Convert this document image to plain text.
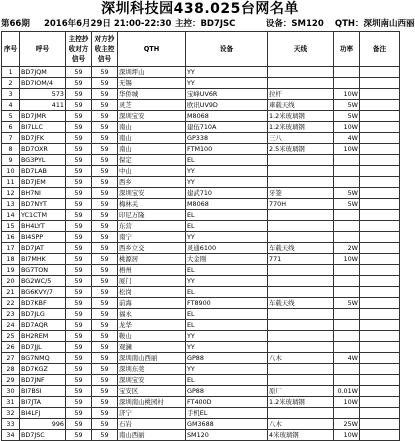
深圳科技园438.025台网名单
第66期 2016年6月29日 21:00-22:30 主控：BD7JSC	设备：SM120 QTH：深圳南山西丽
序号	呼号	主控抄收对方信号	对方抄收主控信号	QTH	设备	天线	功率	备注
1	BD7JQM	59	59	深圳坪山	YY			
2	BD7IOM/4	59	59	无锡	YY			
3	573	59	59	华侨城	宝峰UV6R	拉杆	10W	
4	411	59	59	灵芝	欧讯UV9D	車载天线	5W	
5	BD7JMR	59	59	深圳宝安	M8068	1.2米玻璃钢	5W	
6	BI7LLC	59	59	南山	建伍710A	1.2米玻璃钢	10W	
7	BD7JFK	59	59	南山	GP338	三八	4W	
8	BD7OXR	59	59	南山	FTM100	2.5米玻璃钢	10W	
9	BG3PYL	59	59	保定	EL			
10	BD7LAB	59	59	中山	YY			
11	BD7JEM	59	59	西乡	YY			
12	BH7NI	59	59	深圳宝安	建武710	牙签	5W	
13	BD7NYT	59	59	梅林关	M8068	770H	5W	
14	YC1CTM	59	59	印尼万隆	EL			
15	BH4LYT	59	59	东营	EL			
16	BI4SPP	59	59	南宁	YY			
17	BD7JAT	59	59	西乡立交	灵通6100	车载天线	2W	
18	BI7MHK	59	59	桃源居	大金刚	771	10W	
19	BG7TON	59	59	梧州	EL			
20	BG2WC/5	59	59	厦门	YY			
21	BG6KVY/7	59	59	松岗	EL			
22	BD7KBF	59	59	前海	FT8900	车载天线	5W	
23	BD7JLG	59	59	福永	EL			
24	BD7AQR	59	59	龙华	EL			
25	BH2REM	59	59	鞍山	YY			
26	BD7JJL	59	59	观澜	YY			
27	BG7NMQ	59	59	深圳南山西丽	GP88	八木	4W	
28	BD7KGZ	59	59	深圳东莞	YY			
29	BD7JNF	59	59	深圳宝安	EL			
30	BI7BSI	59	59	宝安区	GP88	原厂	0.01W	
31	BI7JTA	59	59	深圳南山桃园村	FT400D	1.2米玻璃钢	10W	
32	BI4LFJ	59	59	济宁	手机EL			
33	996	59	59	石岩	GM3688	八木	25W	
34	BD7JSC	59	59	南山西丽	SM120	4米玻璃钢	10W	
